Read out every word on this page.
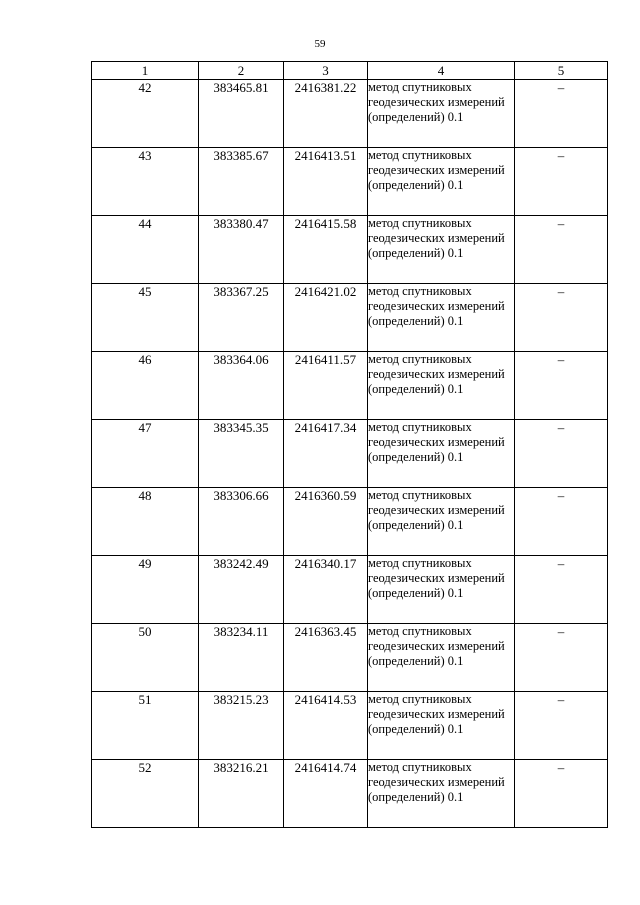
59
1	2	3	4	5
42	383465.81	2416381.22	метод спутниковых геодезических измерений (определений) 0.1	–
43	383385.67	2416413.51	метод спутниковых геодезических измерений (определений) 0.1	–
44	383380.47	2416415.58	метод спутниковых геодезических измерений (определений) 0.1	–
45	383367.25	2416421.02	метод спутниковых геодезических измерений (определений) 0.1	–
46	383364.06	2416411.57	метод спутниковых геодезических измерений (определений) 0.1	–
47	383345.35	2416417.34	метод спутниковых геодезических измерений (определений) 0.1	–
48	383306.66	2416360.59	метод спутниковых геодезических измерений (определений) 0.1	–
49	383242.49	2416340.17	метод спутниковых геодезических измерений (определений) 0.1	–
50	383234.11	2416363.45	метод спутниковых геодезических измерений (определений) 0.1	–
51	383215.23	2416414.53	метод спутниковых геодезических измерений (определений) 0.1	–
52	383216.21	2416414.74	метод спутниковых геодезических измерений (определений) 0.1	–
